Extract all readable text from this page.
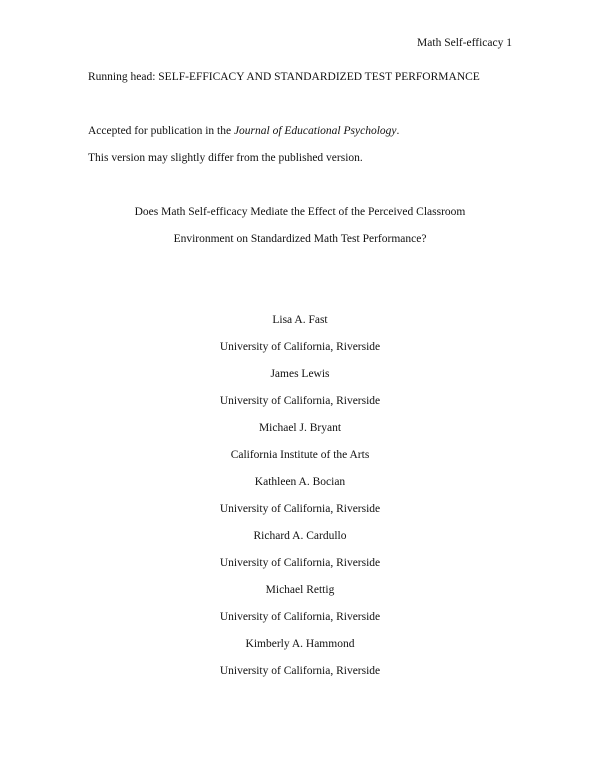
Math Self-efficacy 1
Running head: SELF-EFFICACY AND STANDARDIZED TEST PERFORMANCE
Accepted for publication in the Journal of Educational Psychology.
This version may slightly differ from the published version.
Does Math Self-efficacy Mediate the Effect of the Perceived Classroom
Environment on Standardized Math Test Performance?
Lisa A. Fast
University of California, Riverside
James Lewis
University of California, Riverside
Michael J. Bryant
California Institute of the Arts
Kathleen A. Bocian
University of California, Riverside
Richard A. Cardullo
University of California, Riverside
Michael Rettig
University of California, Riverside
Kimberly A. Hammond
University of California, Riverside
